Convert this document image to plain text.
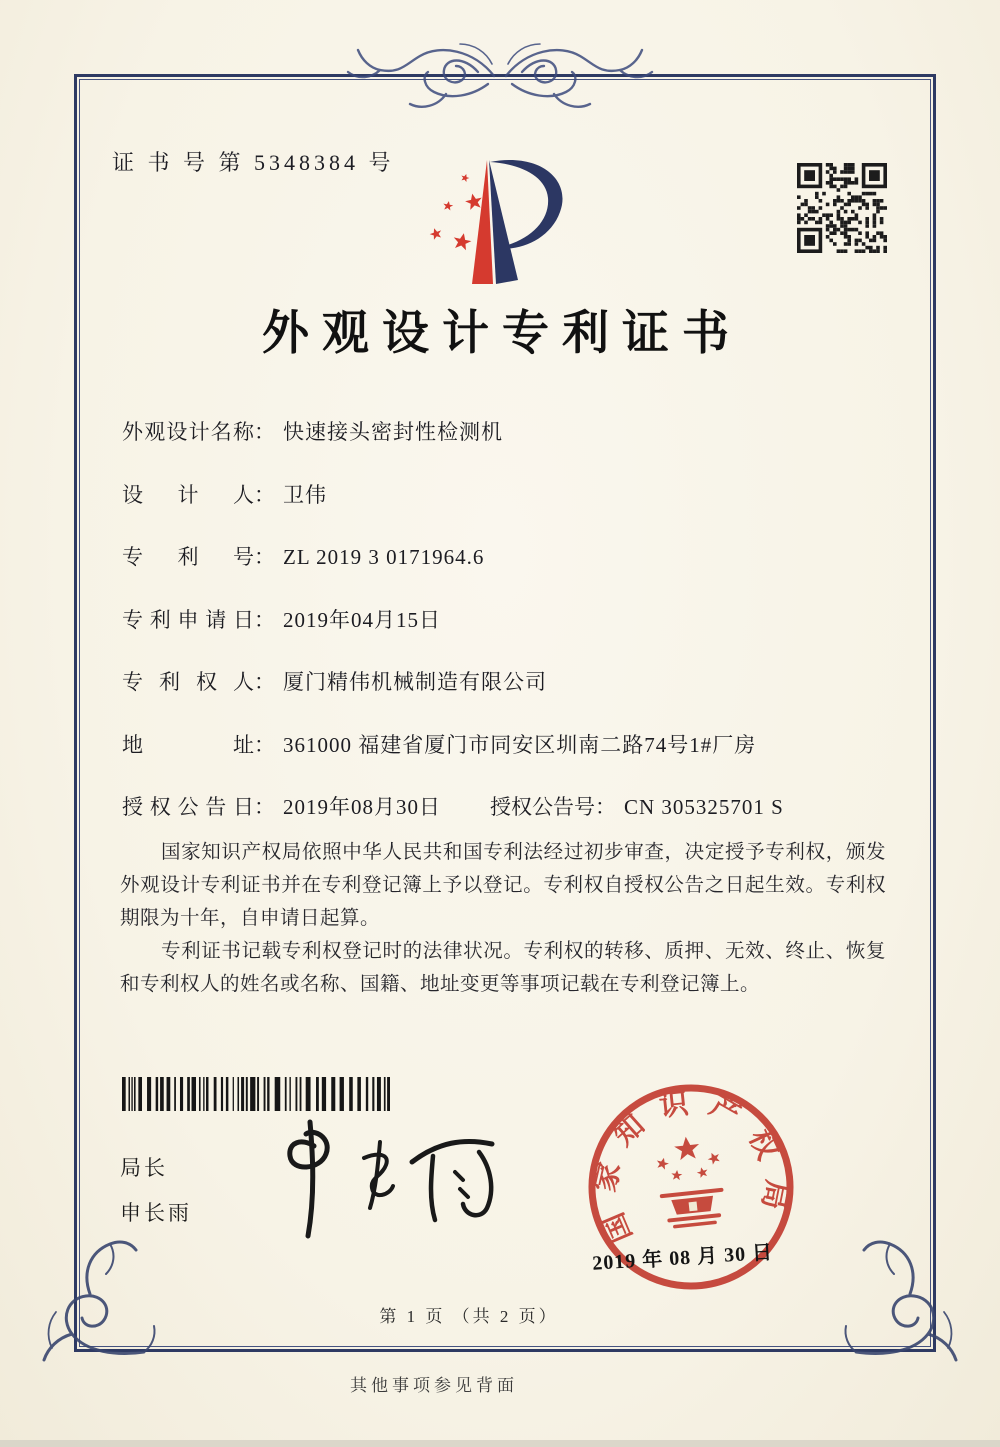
证 书 号 第 5348384 号
外观设计专利证书
外观设计名称： 快速接头密封性检测机
设计人： 卫伟
专利号： ZL 2019 3 0171964.6
专利申请日： 2019年04月15日
专利权人： 厦门精伟机械制造有限公司
地址： 361000 福建省厦门市同安区圳南二路74号1#厂房
授权公告日： 2019年08月30日 授权公告号： CN 305325701 S

国家知识产权局依照中华人民共和国专利法经过初步审查，决定授予专利权，颁发外观设计专利证书并在专利登记簿上予以登记。专利权自授权公告之日起生效。专利权期限为十年，自申请日起算。

专利证书记载专利权登记时的法律状况。专利权的转移、质押、无效、终止、恢复和专利权人的姓名或名称、国籍、地址变更等事项记载在专利登记簿上。

局长
申长雨	国家知识产权局
2019 年 08 月 30 日
第 1 页 （共 2 页）
其他事项参见背面
